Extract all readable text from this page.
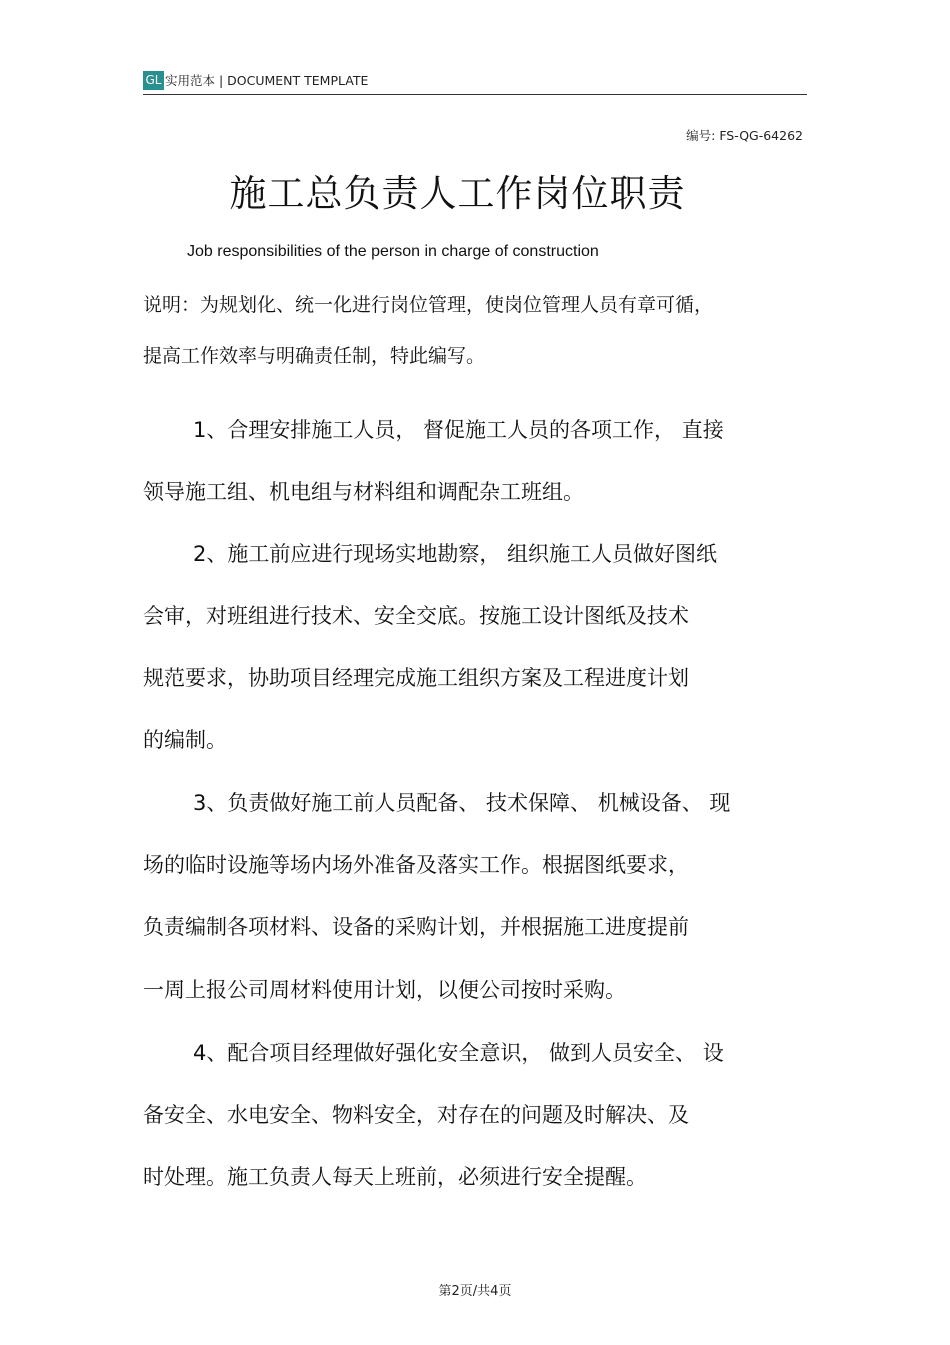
GL 实用范本 | DOCUMENT TEMPLATE
编号: FS-QG-64262
施工总负责人工作岗位职责
Job responsibilities of the person in charge of construction
说明：为规划化、统一化进行岗位管理，使岗位管理人员有章可循，
提高工作效率与明确责任制，特此编写。
1、合理安排施工人员， 督促施工人员的各项工作， 直接
领导施工组、机电组与材料组和调配杂工班组。
2、施工前应进行现场实地勘察， 组织施工人员做好图纸
会审，对班组进行技术、安全交底。按施工设计图纸及技术
规范要求，协助项目经理完成施工组织方案及工程进度计划
的编制。
3、负责做好施工前人员配备、 技术保障、 机械设备、 现
场的临时设施等场内场外准备及落实工作。根据图纸要求，
负责编制各项材料、设备的采购计划，并根据施工进度提前
一周上报公司周材料使用计划，以便公司按时采购。
4、配合项目经理做好强化安全意识， 做到人员安全、 设
备安全、水电安全、物料安全，对存在的问题及时解决、及
时处理。施工负责人每天上班前，必须进行安全提醒。
第2页/共4页
